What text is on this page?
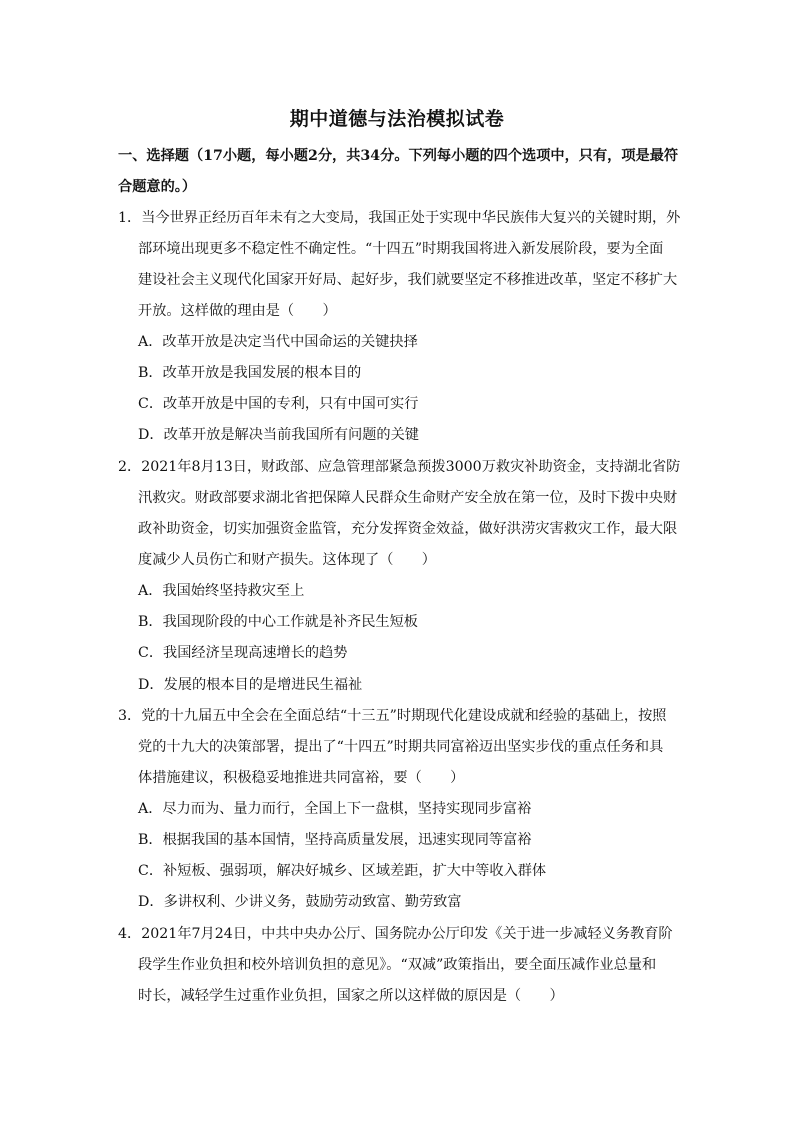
期中道德与法治模拟试卷
一、选择题（17小题，每小题2分，共34分。下列每小题的四个选项中，只有，项是最符
合题意的。）
1．当今世界正经历百年未有之大变局，我国正处于实现中华民族伟大复兴的关键时期，外
部环境出现更多不稳定性不确定性。“十四五”时期我国将进入新发展阶段，要为全面
建设社会主义现代化国家开好局、起好步，我们就要坚定不移推进改革，坚定不移扩大
开放。这样做的理由是（　　）
A．改革开放是决定当代中国命运的关键抉择
B．改革开放是我国发展的根本目的
C．改革开放是中国的专利，只有中国可实行
D．改革开放是解决当前我国所有问题的关键
2．2021年8月13日，财政部、应急管理部紧急预拨3000万救灾补助资金，支持湖北省防
汛救灾。财政部要求湖北省把保障人民群众生命财产安全放在第一位，及时下拨中央财
政补助资金，切实加强资金监管，充分发挥资金效益，做好洪涝灾害救灾工作，最大限
度减少人员伤亡和财产损失。这体现了（　　）
A．我国始终坚持救灾至上
B．我国现阶段的中心工作就是补齐民生短板
C．我国经济呈现高速增长的趋势
D．发展的根本目的是增进民生福祉
3．党的十九届五中全会在全面总结“十三五”时期现代化建设成就和经验的基础上，按照
党的十九大的决策部署，提出了“十四五”时期共同富裕迈出坚实步伐的重点任务和具
体措施建议，积极稳妥地推进共同富裕，要（　　）
A．尽力而为、量力而行，全国上下一盘棋，坚持实现同步富裕
B．根据我国的基本国情，坚持高质量发展，迅速实现同等富裕
C．补短板、强弱项，解决好城乡、区域差距，扩大中等收入群体
D．多讲权利、少讲义务，鼓励劳动致富、勤劳致富
4．2021年7月24日，中共中央办公厅、国务院办公厅印发《关于进一步减轻义务教育阶
段学生作业负担和校外培训负担的意见》。“双减”政策指出，要全面压减作业总量和
时长，减轻学生过重作业负担，国家之所以这样做的原因是（　　）
